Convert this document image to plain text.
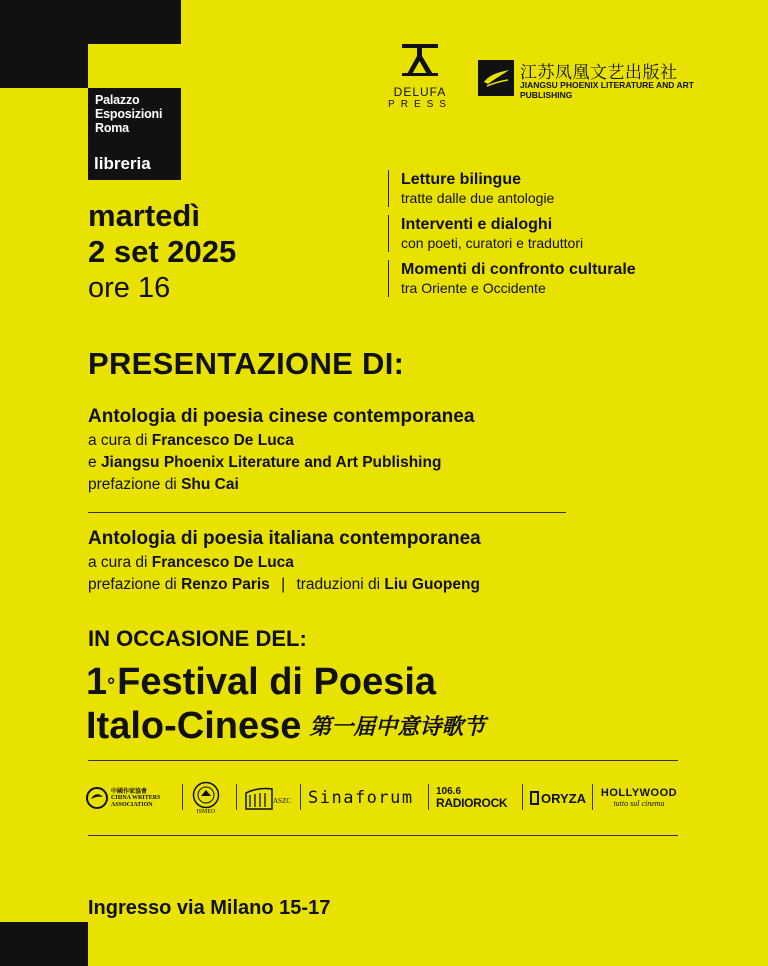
Palazzo
Esposizioni
Roma
libreria
DELUFA
PRESS
江苏凤凰文艺出版社
JIANGSU PHOENIX LITERATURE AND ART PUBLISHING
martedì
2 set 2025
ore 16
Letture bilingue
tratte dalle due antologie
Interventi e dialoghi
con poeti, curatori e traduttori
Momenti di confronto culturale
tra Oriente e Occidente
PRESENTAZIONE DI:
Antologia di poesia cinese contemporanea
a cura di Francesco De Luca
e Jiangsu Phoenix Literature and Art Publishing
prefazione di Shu Cai
Antologia di poesia italiana contemporanea
a cura di Francesco De Luca
prefazione di Renzo Paris | traduzioni di Liu Guopeng
IN OCCASIONE DEL:
1°Festival di Poesia
Italo-Cinese 第一届中意诗歌节
中國作家協會
CHINA WRITERS
ASSOCIATION
ISMEO
ASZC Sinaforum 106.6
RADIOROCK	ORYZA HOLLYWOOD
tutto sul cinema
Ingresso via Milano 15-17
